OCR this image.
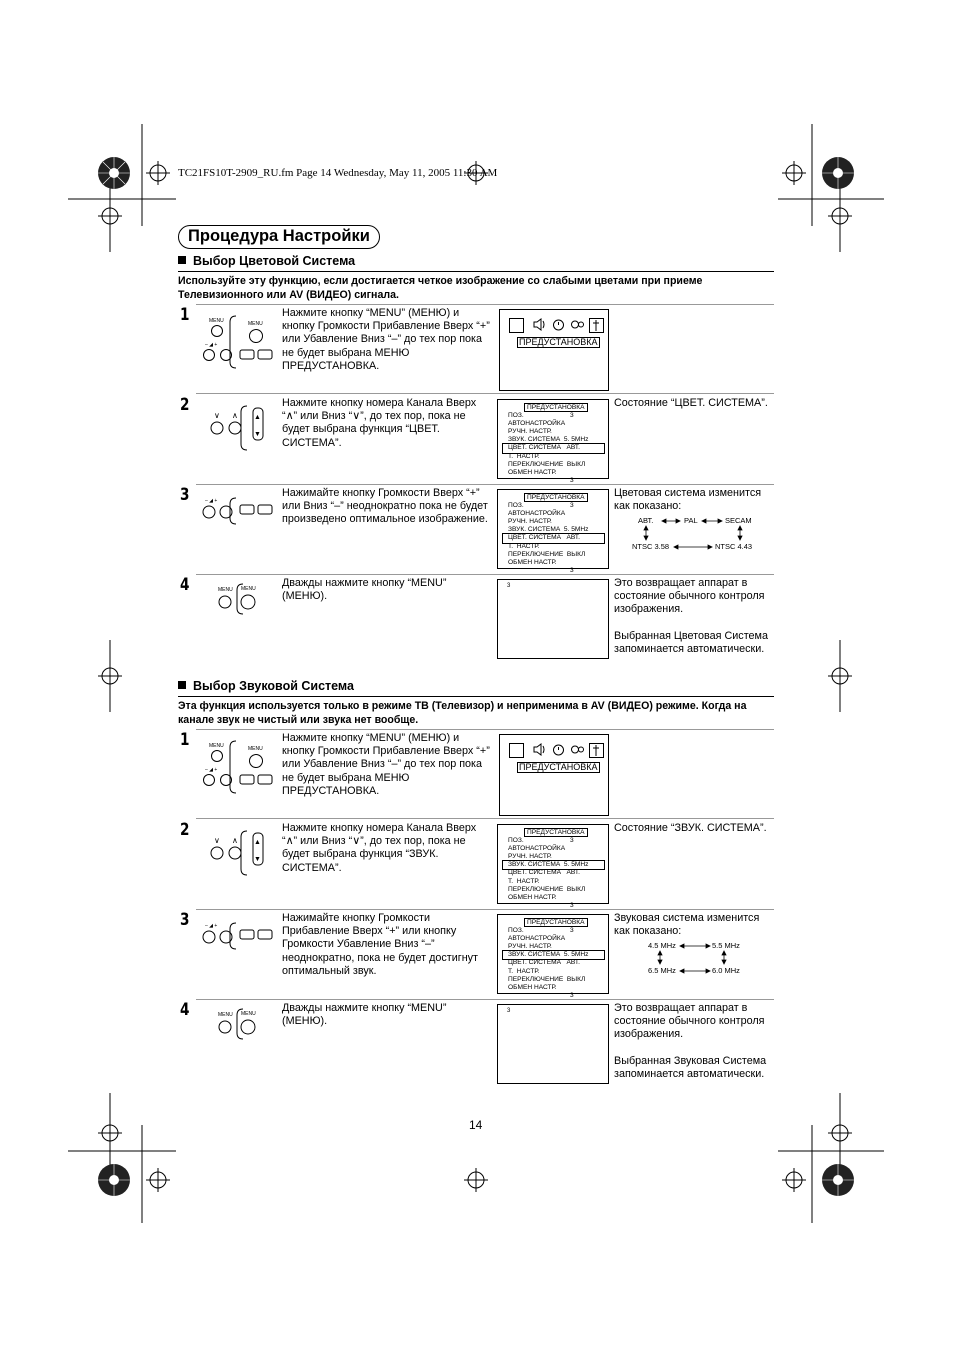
TC21FS10T-2909_RU.fm Page 14 Wednesday, May 11, 2005 11:30 AM
Процедура Настройки
Выбор Цветовой Система
Используйте эту функцию, если достигается четкое изображение со слабыми цветами при приеме Телевизионного или AV (ВИДЕО) сигнала.
1	MENU	MENU
– ◢ +
Нажмите кнопку “MENU” (МЕНЮ) и кнопку Громкости Прибавление Вверх “+” или Убавление Вниз “–” до тех пор пока не будет выбрана МЕНЮ ПРЕДУСТАНОВКА.
ПРЕДУСТАНОВКА
2
∨ ∧ ▲
▼
Нажмите кнопку номера Канала Вверх “∧” или Вниз “∨”, до тех пор, пока не будет выбрана функция “ЦВЕТ. СИСТЕМА”.
ПРЕДУСТАНОВКА
ПОЗ.	3
АВТОНАСТРОЙКА
РУЧН. НАСТР.
ЗВУК. СИСТЕМА  5. 5MHz
ЦВЕТ. СИСТЕМА   АВТ.
Т.  НАСТР.
ПЕРЕКЛЮЧЕНИЕ  ВЫКЛ
ОБМЕН НАСТР.
3
Состояние “ЦВЕТ. СИСТЕМА”.
3	– ◢ +
Нажимайте кнопку Громкости Вверх “+” или Вниз “–” неоднократно пока не будет произведено оптимальное изображение.
ПРЕДУСТАНОВКА
ПОЗ.	3
АВТОНАСТРОЙКА
РУЧН. НАСТР.
ЗВУК. СИСТЕМА  5. 5MHz
ЦВЕТ. СИСТЕМА   АВТ.
Т.  НАСТР.
ПЕРЕКЛЮЧЕНИЕ  ВЫКЛ
ОБМЕН НАСТР.
3
Цветовая система изменится как показано:
АВТ.	PAL	SECAM
NTSC 3.58	NTSC 4.43
4	MENU MENU Дважды нажмите кнопку “MENU” (МЕНЮ).
3	Это возвращает аппарат в состояние обычного контроля изображения.
Выбранная Цветовая Система запоминается автоматически.
Выбор Звуковой Система
Эта функция используется только в режиме ТВ (Телевизор) и неприменима в AV (ВИДЕО) режиме. Когда на канале звук не чистый или звука нет вообще.
1	MENU	MENU
– ◢ +
Нажмите кнопку “MENU” (МЕНЮ) и кнопку Громкости Прибавление Вверх “+” или Убавление Вниз “–” до тех пор пока не будет выбрана МЕНЮ ПРЕДУСТАНОВКА.
ПРЕДУСТАНОВКА
2
∨ ∧ ▲
▼
Нажмите кнопку номера Канала Вверх “∧” или Вниз “∨”, до тех пор, пока не будет выбрана функция “ЗВУК. СИСТЕМА”.
ПРЕДУСТАНОВКА
ПОЗ.	3
АВТОНАСТРОЙКА
РУЧН. НАСТР.
ЗВУК. СИСТЕМА  5. 5MHz
ЦВЕТ. СИСТЕМА   АВТ.
Т.  НАСТР.
ПЕРЕКЛЮЧЕНИЕ  ВЫКЛ
ОБМЕН НАСТР.
3
Состояние “ЗВУК. СИСТЕМА”.
3	– ◢ +
Нажимайте кнопку Громкости Прибавление Вверх “+” или кнопку Громкости Убавление Вниз “–” неоднократно, пока не будет достигнут оптимальный звук.
ПРЕДУСТАНОВКА
ПОЗ.	3
АВТОНАСТРОЙКА
РУЧН. НАСТР.
ЗВУК. СИСТЕМА  5. 5MHz
ЦВЕТ. СИСТЕМА   АВТ.
Т.  НАСТР.
ПЕРЕКЛЮЧЕНИЕ  ВЫКЛ
ОБМЕН НАСТР.
3
Звуковая система изменится как показано:
4.5 MHz	5.5 MHz
6.5 MHz	6.0 MHz
4	MENU MENU Дважды нажмите кнопку “MENU” (МЕНЮ).
3	Это возвращает аппарат в состояние обычного контроля изображения.
Выбранная Звуковая Система запоминается автоматически.
14
